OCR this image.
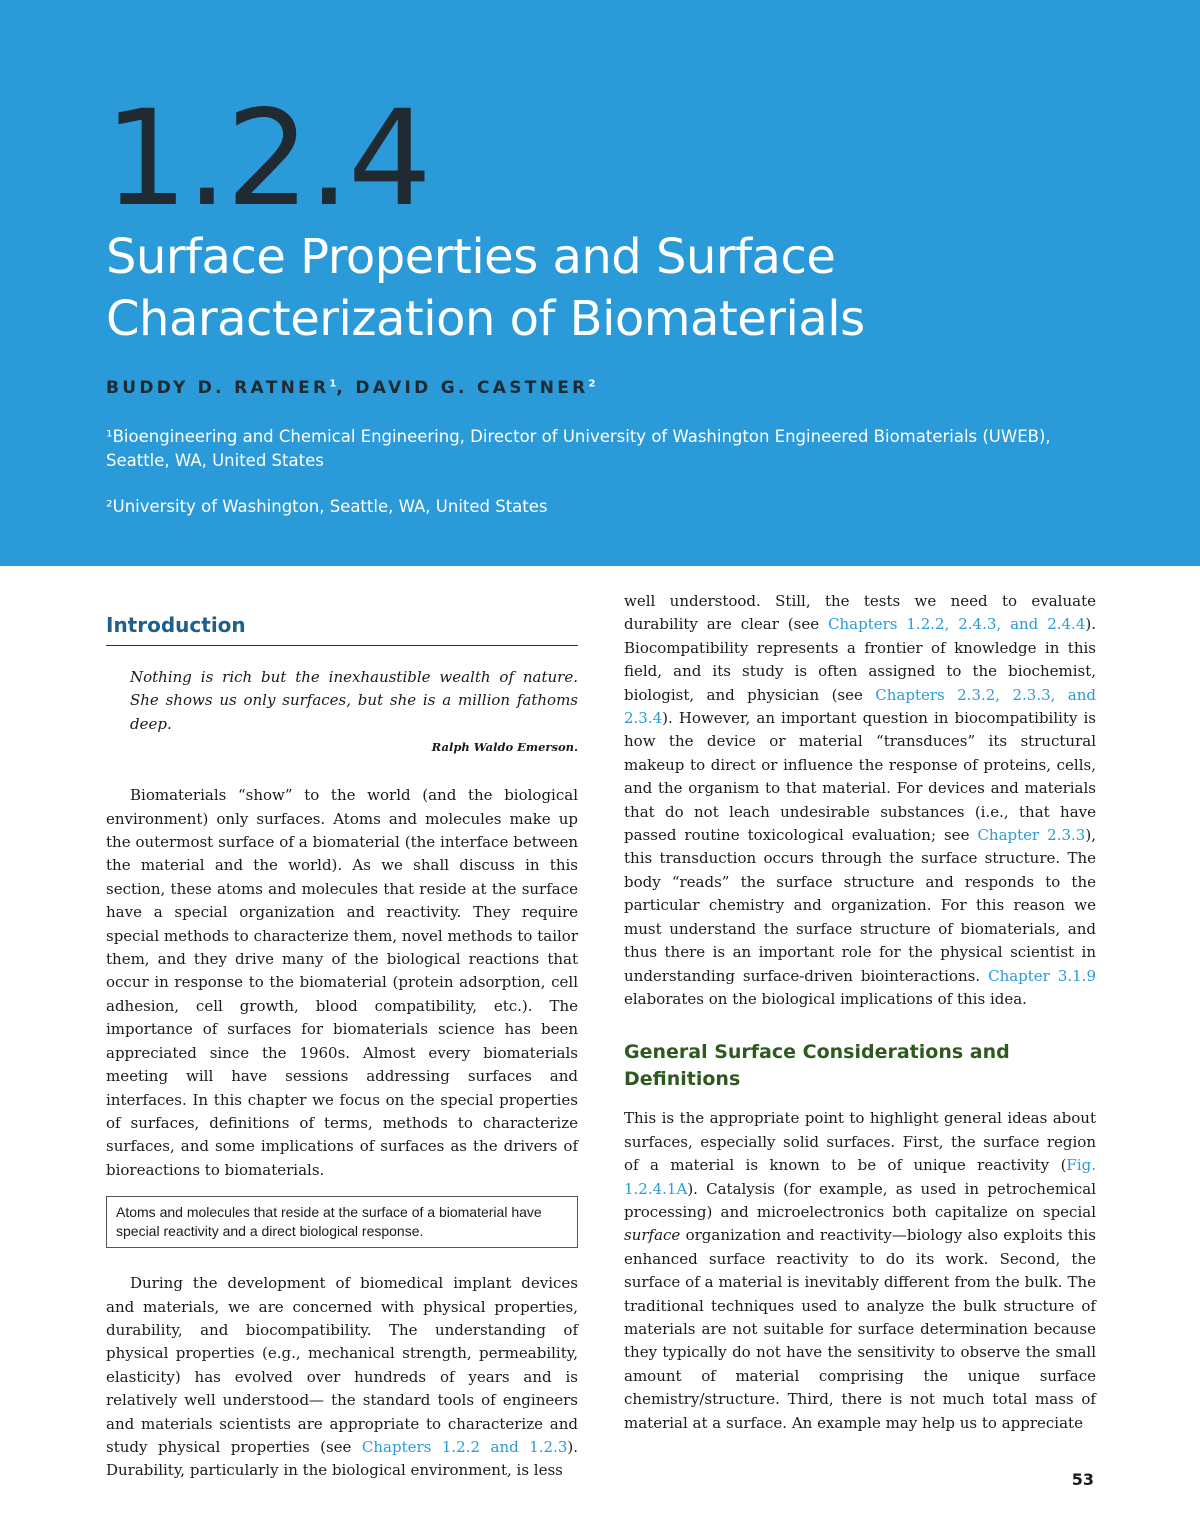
1.2.4
Surface Properties and Surface
Characterization of Biomaterials
BUDDY D. RATNER$^1$, DAVID G. CASTNER$^2$
¹Bioengineering and Chemical Engineering, Director of University of Washington Engineered Biomaterials (UWEB), Seattle, WA, United States
²University of Washington, Seattle, WA, United States
Introduction
Nothing is rich but the inexhaustible wealth of nature. She shows us only surfaces, but she is a million fathoms deep.
Ralph Waldo Emerson.

Biomaterials “show” to the world (and the biological environment) only surfaces. Atoms and molecules make up the outermost surface of a biomaterial (the interface between the material and the world). As we shall discuss in this section, these atoms and molecules that reside at the surface have a special organization and reactivity. They require special methods to characterize them, novel methods to tailor them, and they drive many of the biological reactions that occur in response to the biomaterial (protein adsorption, cell adhesion, cell growth, blood compatibility, etc.). The importance of surfaces for biomaterials science has been appreciated since the 1960s. Almost every biomaterials meeting will have sessions addressing surfaces and interfaces. In this chapter we focus on the special properties of surfaces, definitions of terms, methods to characterize surfaces, and some implications of surfaces as the drivers of bioreactions to biomaterials.

Atoms and molecules that reside at the surface of a biomaterial have special reactivity and a direct biological response.

During the development of biomedical implant devices and materials, we are concerned with physical properties, durability, and biocompatibility. The understanding of physical properties (e.g., mechanical strength, permeability, elasticity) has evolved over hundreds of years and is relatively well understood— the standard tools of engineers and materials scientists are appropriate to characterize and study physical properties (see Chapters 1.2.2 and 1.2.3). Durability, particularly in the biological environment, is less

well understood. Still, the tests we need to evaluate durability are clear (see Chapters 1.2.2, 2.4.3, and 2.4.4). Biocompatibility represents a frontier of knowledge in this field, and its study is often assigned to the biochemist, biologist, and physician (see Chapters 2.3.2, 2.3.3, and 2.3.4). However, an important question in biocompatibility is how the device or material “transduces” its structural makeup to direct or influence the response of proteins, cells, and the organism to that material. For devices and materials that do not leach undesirable substances (i.e., that have passed routine toxicological evaluation; see Chapter 2.3.3), this transduction occurs through the surface structure. The body “reads” the surface structure and responds to the particular chemistry and organization. For this reason we must understand the surface structure of biomaterials, and thus there is an important role for the physical scientist in understanding surface-driven biointeractions. Chapter 3.1.9 elaborates on the biological implications of this idea.

General Surface Considerations and Definitions

This is the appropriate point to highlight general ideas about surfaces, especially solid surfaces. First, the surface region of a material is known to be of unique reactivity (Fig. 1.2.4.1A). Catalysis (for example, as used in petrochemical processing) and microelectronics both capitalize on special surface organization and reactivity—biology also exploits this enhanced surface reactivity to do its work. Second, the surface of a material is inevitably different from the bulk. The traditional techniques used to analyze the bulk structure of materials are not suitable for surface determination because they typically do not have the sensitivity to observe the small amount of material comprising the unique surface chemistry/structure. Third, there is not much total mass of material at a surface. An example may help us to appreciate

53
